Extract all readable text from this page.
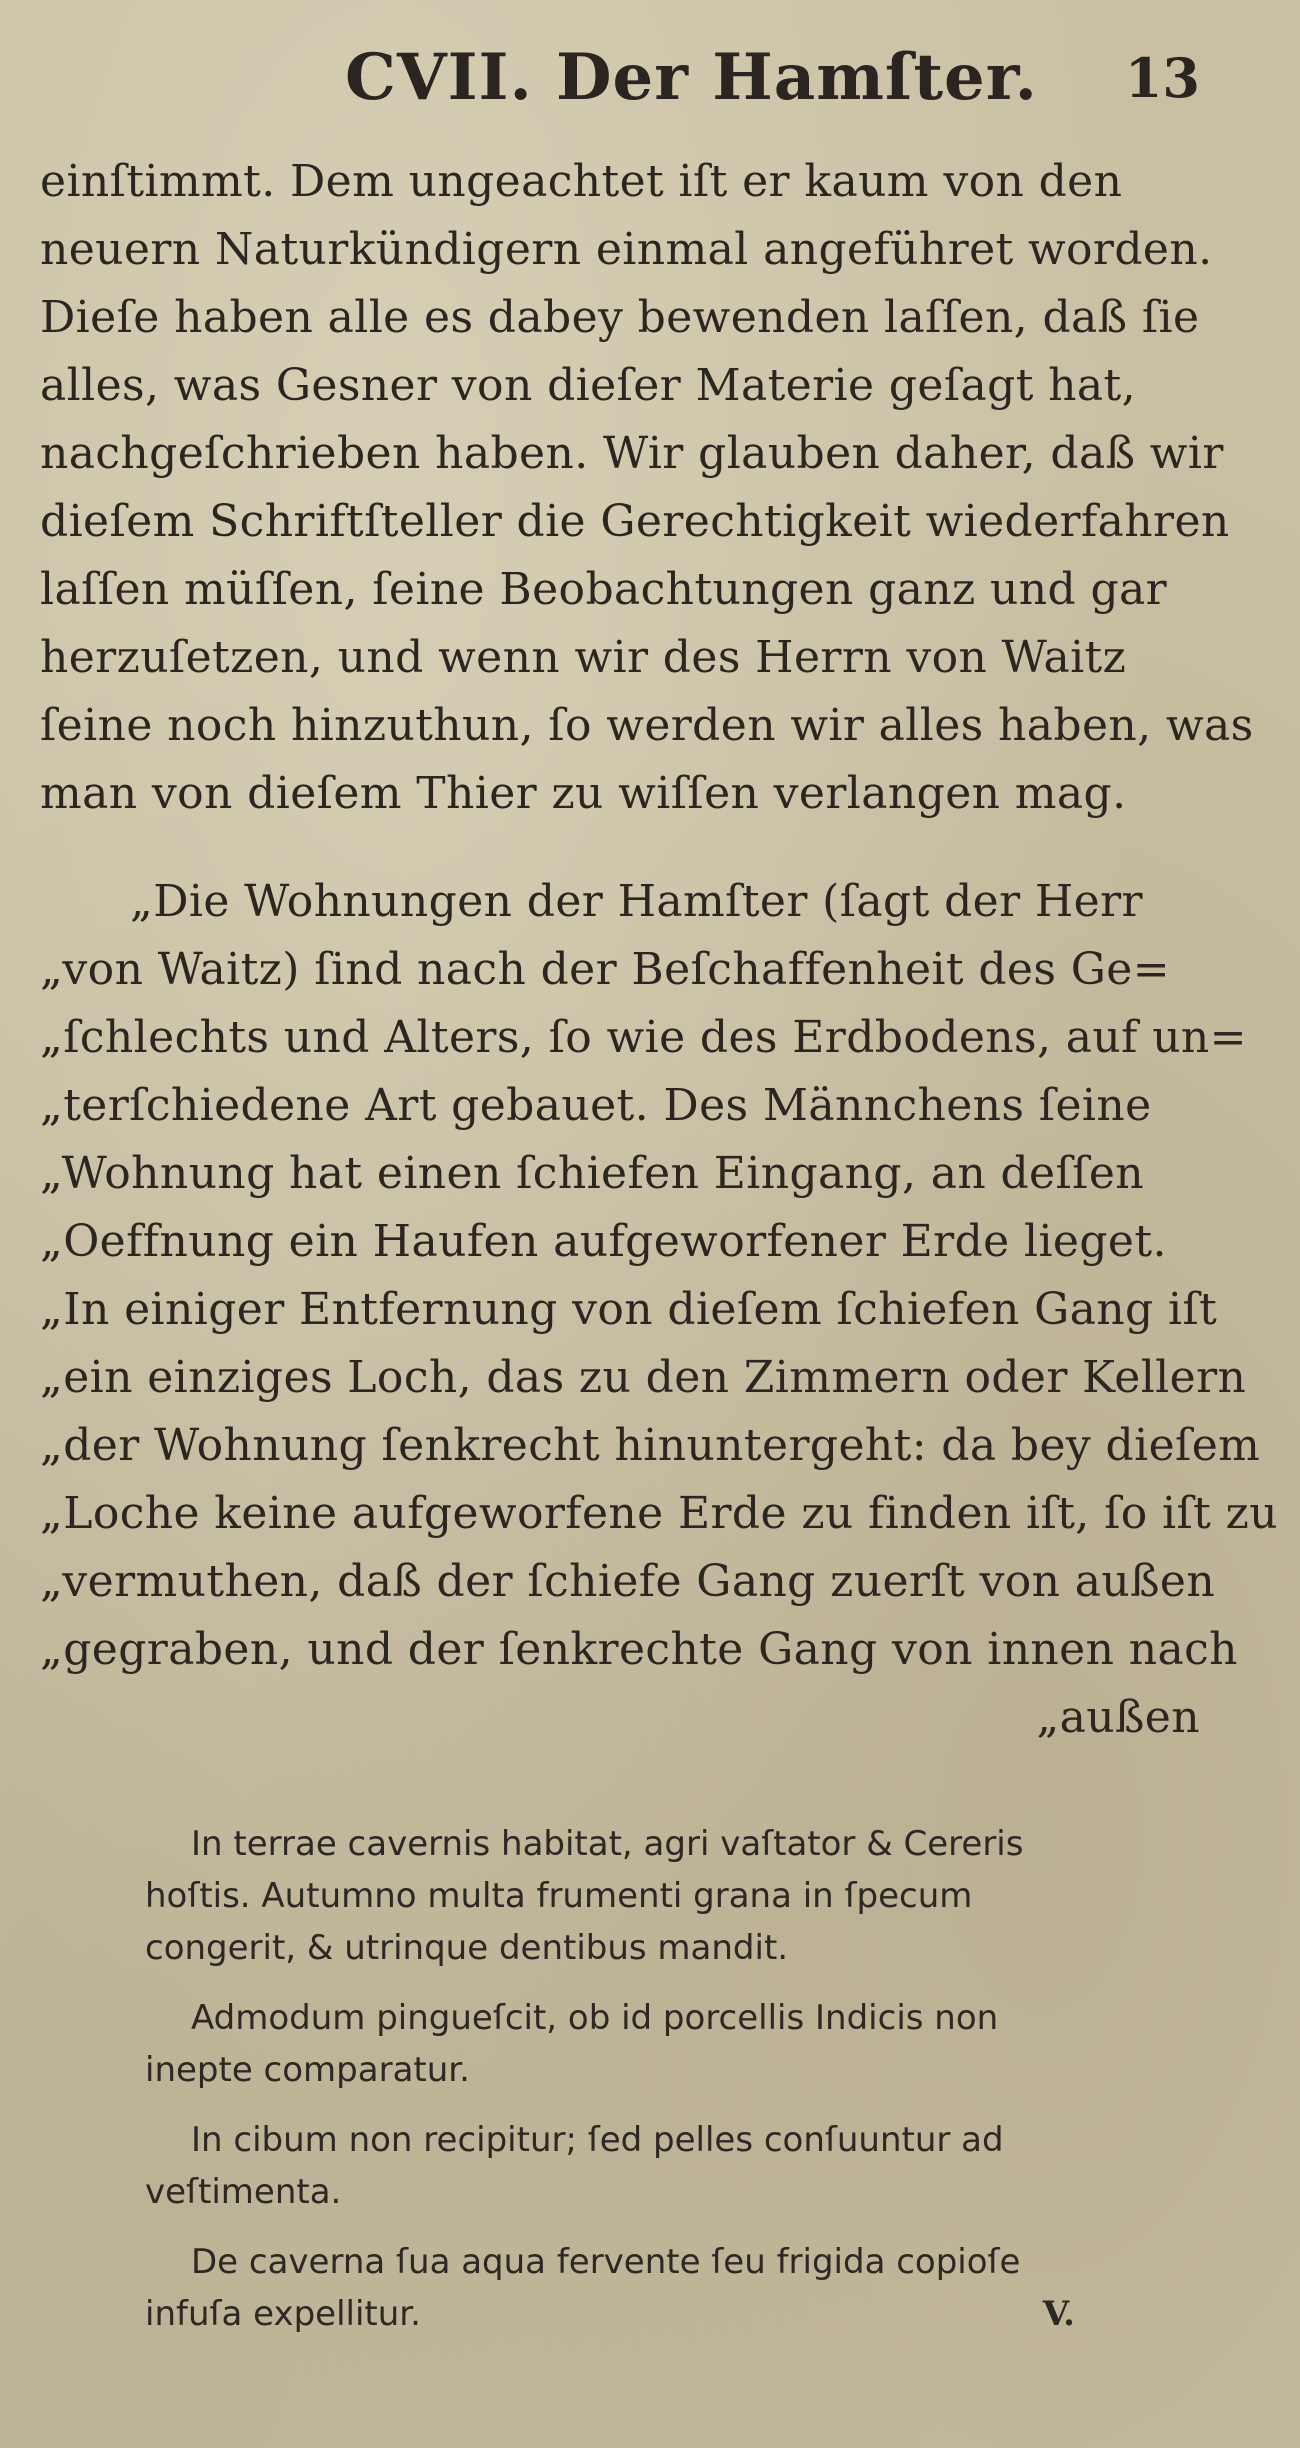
CVII. Der Hamſter. 13
einſtimmt. Dem ungeachtet iſt er kaum von den
neuern Naturkündigern einmal angeführet worden.
Dieſe haben alle es dabey bewenden laſſen, daß ſie
alles, was Gesner von dieſer Materie geſagt hat,
nachgeſchrieben haben. Wir glauben daher, daß wir
dieſem Schriftſteller die Gerechtigkeit wiederfahren
laſſen müſſen, ſeine Beobachtungen ganz und gar
herzuſetzen, und wenn wir des Herrn von Waitz
ſeine noch hinzuthun, ſo werden wir alles haben, was
man von dieſem Thier zu wiſſen verlangen mag.
„Die Wohnungen der Hamſter (ſagt der Herr
„von Waitz) ſind nach der Beſchaffenheit des Ge=
„ſchlechts und Alters, ſo wie des Erdbodens, auf un=
„terſchiedene Art gebauet. Des Männchens ſeine
„Wohnung hat einen ſchiefen Eingang, an deſſen
„Oeffnung ein Haufen aufgeworfener Erde lieget.
„In einiger Entfernung von dieſem ſchiefen Gang iſt
„ein einziges Loch, das zu den Zimmern oder Kellern
„der Wohnung ſenkrecht hinuntergeht: da bey dieſem
„Loche keine aufgeworfene Erde zu finden iſt, ſo iſt zu
„vermuthen, daß der ſchiefe Gang zuerſt von außen
„gegraben, und der ſenkrechte Gang von innen nach
„außen
In terrae cavernis habitat, agri vaſtator & Cereris
hoſtis. Autumno multa frumenti grana in ſpecum
congerit, & utrinque dentibus mandit.
Admodum pingueſcit, ob id porcellis Indicis non
inepte comparatur.
In cibum non recipitur; ſed pelles conſuuntur ad
veſtimenta.
De caverna ſua aqua fervente ſeu frigida copioſe
infuſa expellitur.	V.
